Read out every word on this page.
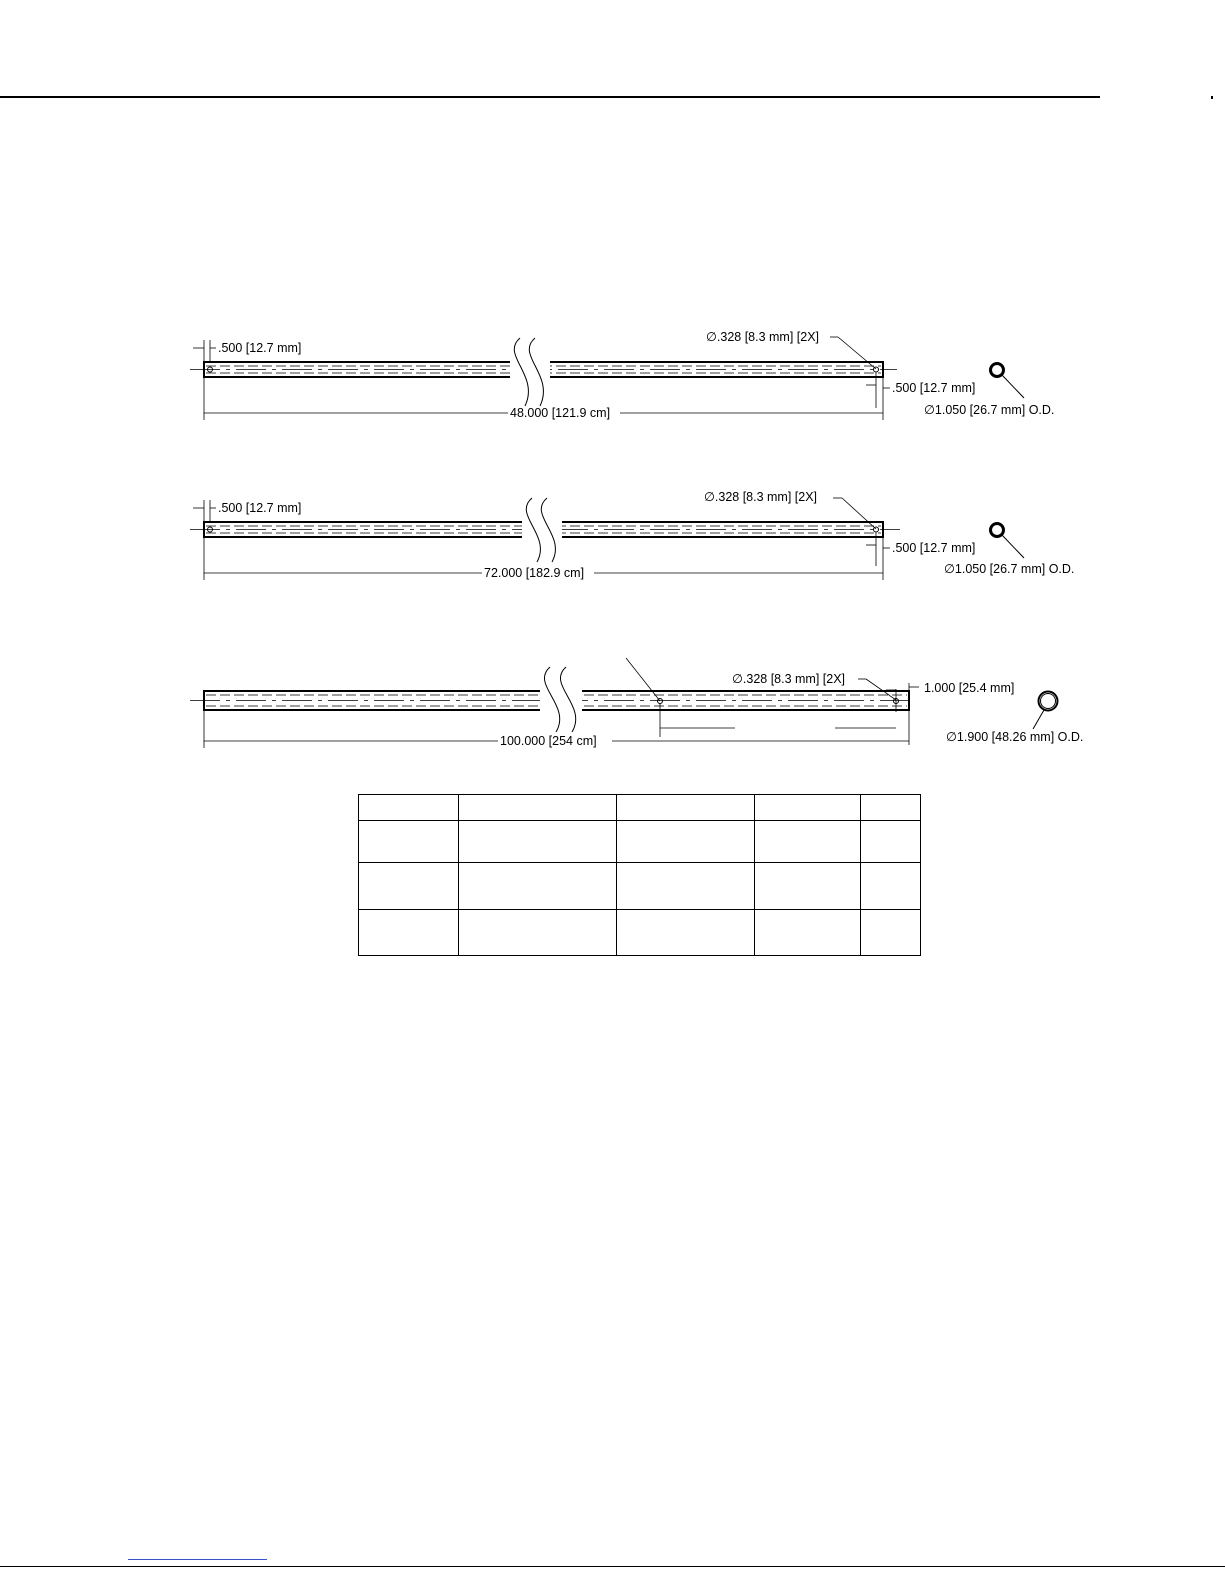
.500 [12.7 mm]
∅.328 [8.3 mm] [2X]
.500 [12.7 mm]
48.000 [121.9 cm]	∅1.050 [26.7 mm] O.D.
.500 [12.7 mm]
∅.328 [8.3 mm] [2X]
.500 [12.7 mm]
72.000 [182.9 cm]	∅1.050 [26.7 mm] O.D.
∅.328 [8.3 mm] [2X]
1.000 [25.4 mm]
100.000 [254 cm]	∅1.900 [48.26 mm] O.D.
